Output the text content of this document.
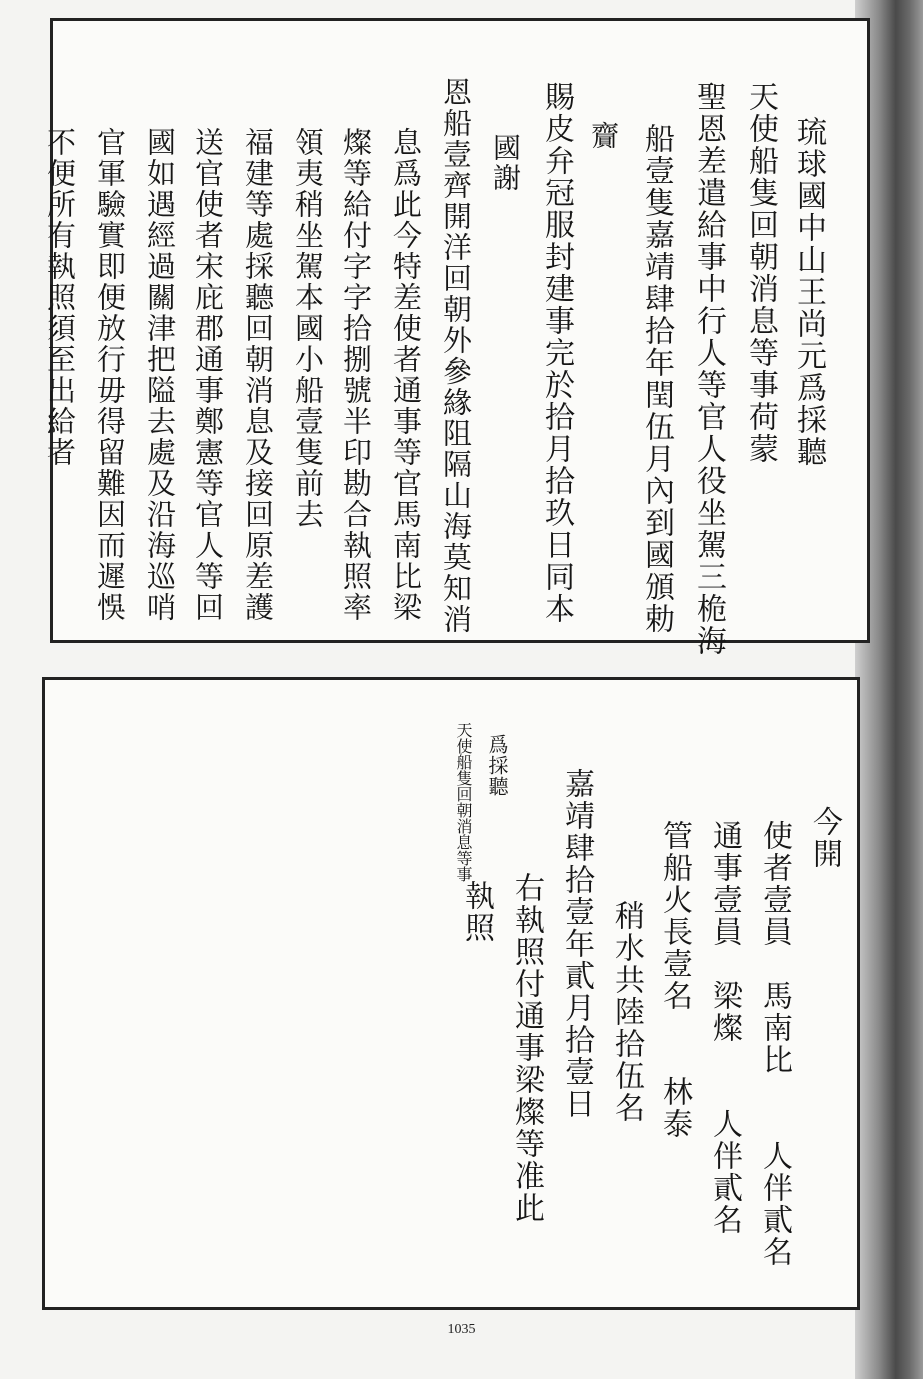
琉球國中山王尚元爲採聽
天使船隻回朝消息等事荷蒙
聖恩差遣給事中行人等官人役坐駕三桅海
船壹隻嘉靖肆拾年閏伍月內到國頒勅
齎
賜皮弁冠服封建事完於拾月拾玖日同本
國謝
恩船壹齊開洋回朝外參緣阻隔山海莫知消
息爲此今特差使者通事等官馬南比梁
燦等給付字字拾捌號半印勘合執照率
領夷稍坐駕本國小船壹隻前去
福建等處採聽回朝消息及接回原差護
送官使者宋庇郡通事鄭憲等官人等回
國如遇經過關津把隘去處及沿海巡哨
官軍驗實即便放行毋得留難因而遲悞
不便所有執照須至出給者
今開
使者壹員　馬南比　　人伴貳名
通事壹員　梁燦　　人伴貳名
管船火長壹名　　林泰
稍水共陸拾伍名
嘉靖肆拾壹年貳月拾壹日
右執照付通事梁燦等准此
爲採聽
天使船隻回朝消息等事
執照
1035
